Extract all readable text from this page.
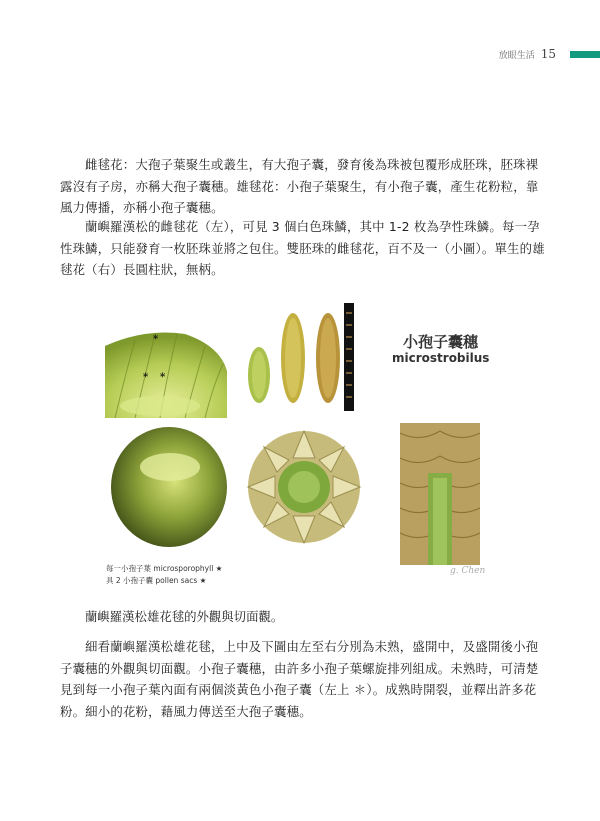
放眼生活 15

雌毬花：大孢子葉聚生或叢生，有大孢子囊，發育後為珠被包覆形成胚珠，胚珠裸露沒有子房，亦稱大孢子囊穗。雄毬花：小孢子葉聚生，有小孢子囊，產生花粉粒，靠風力傳播，亦稱小孢子囊穗。

蘭嶼羅漢松的雌毬花（左），可見 3 個白色珠鱗，其中 1-2 枚為孕性珠鱗。每一孕性珠鱗，只能發育一枚胚珠並將之包住。雙胚珠的雌毬花，百不及一（小圖）。單生的雄毬花（右）長圓柱狀，無柄。

*
* *
小孢子囊穗
microstrobilus
每一小孢子葉 microsporophyll ★
具 2 小孢子囊 pollen sacs ★
g. Chen

蘭嶼羅漢松雄花毬的外觀與切面觀。

細看蘭嶼羅漢松雄花毬，上中及下圖由左至右分別為未熟，盛開中，及盛開後小孢子囊穗的外觀與切面觀。小孢子囊穗，由許多小孢子葉螺旋排列組成。未熟時，可清楚見到每一小孢子葉內面有兩個淡黃色小孢子囊（左上 ＊）。成熟時開裂，並釋出許多花粉。細小的花粉，藉風力傳送至大孢子囊穗。
